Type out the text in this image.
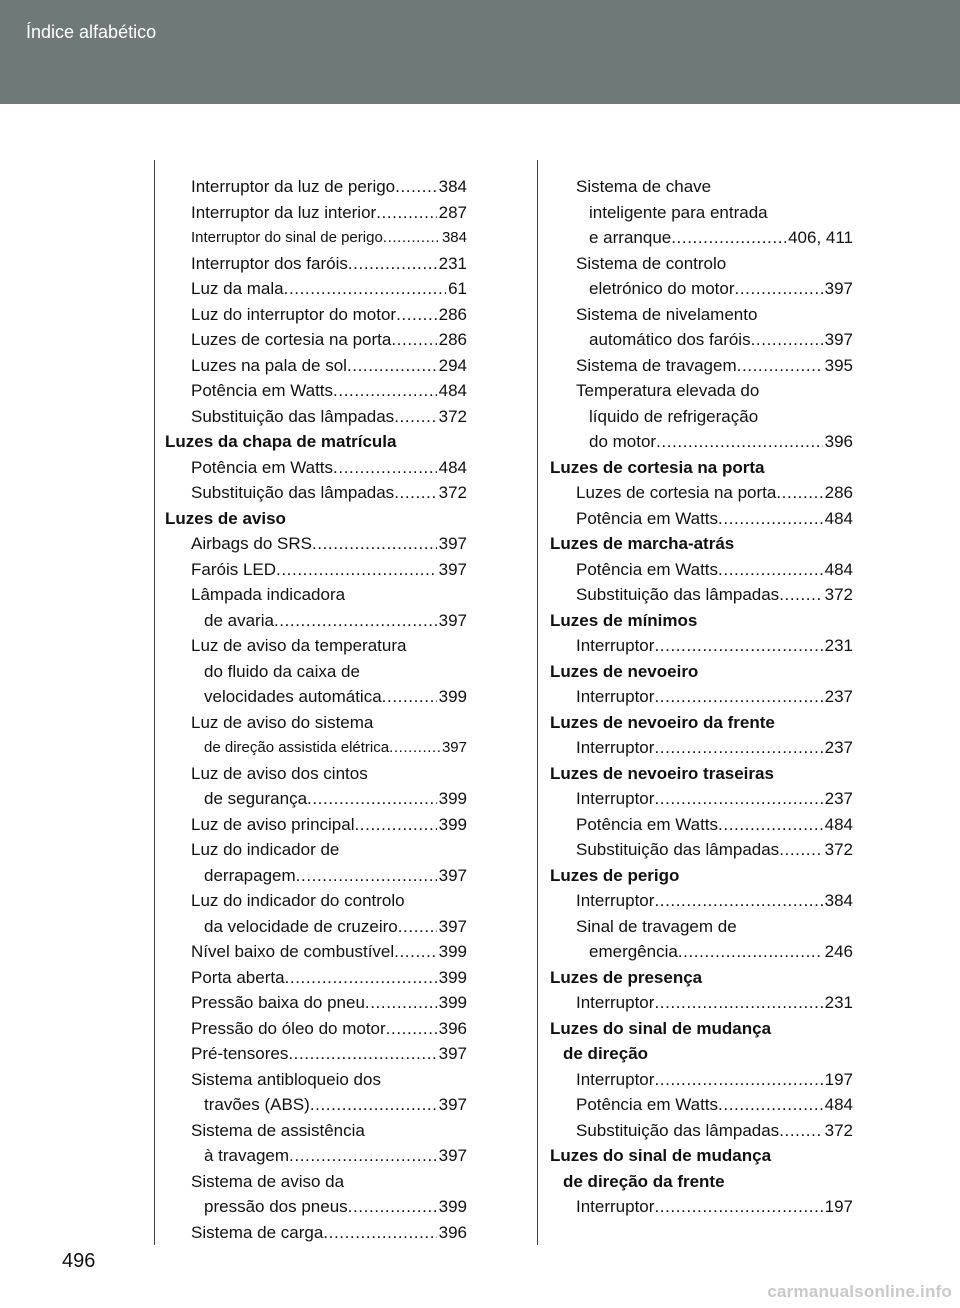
Índice alfabético
Interruptor da luz de perigo .....	384
Interruptor da luz interior .....	287
Interruptor do sinal de perigo .....	384
Interruptor dos faróis .....	231
Luz da mala .....	61
Luz do interruptor do motor .....	286
Luzes de cortesia na porta .....	286
Luzes na pala de sol .....	294
Potência em Watts .....	484
Substituição das lâmpadas .....	372
Luzes da chapa de matrícula
Potência em Watts .....	484
Substituição das lâmpadas .....	372
Luzes de aviso
Airbags do SRS .....	397
Faróis LED .....	397
Lâmpada indicadora
de avaria .....	397
Luz de aviso da temperatura
do fluido da caixa de
velocidades automática .....	399
Luz de aviso do sistema
de direção assistida elétrica .....	397
Luz de aviso dos cintos
de segurança .....	399
Luz de aviso principal .....	399
Luz do indicador de
derrapagem .....	397
Luz do indicador do controlo
da velocidade de cruzeiro ..... 397
Nível baixo de combustível .....	399
Porta aberta .....	399
Pressão baixa do pneu .....	399
Pressão do óleo do motor .....	396
Pré-tensores .....	397
Sistema antibloqueio dos
travões (ABS) .....	397
Sistema de assistência
à travagem .....	397
Sistema de aviso da
pressão dos pneus .....	399
Sistema de carga .....	396
Sistema de chave
inteligente para entrada
e arranque .....	406, 411
Sistema de controlo
eletrónico do motor .....	397
Sistema de nivelamento
automático dos faróis .....	397
Sistema de travagem .....	395
Temperatura elevada do
líquido de refrigeração
do motor .....	396
Luzes de cortesia na porta
Luzes de cortesia na porta .....	286
Potência em Watts .....	484
Luzes de marcha-atrás
Potência em Watts .....	484
Substituição das lâmpadas .....	372
Luzes de mínimos
Interruptor .....	231
Luzes de nevoeiro
Interruptor .....	237
Luzes de nevoeiro da frente
Interruptor .....	237
Luzes de nevoeiro traseiras
Interruptor .....	237
Potência em Watts .....	484
Substituição das lâmpadas .....	372
Luzes de perigo
Interruptor .....	384
Sinal de travagem de
emergência .....	246
Luzes de presença
Interruptor .....	231
Luzes do sinal de mudança
de direção
Interruptor .....	197
Potência em Watts .....	484
Substituição das lâmpadas .....	372
Luzes do sinal de mudança
de direção da frente
Interruptor .....	197
496
carmanualsonline.info
